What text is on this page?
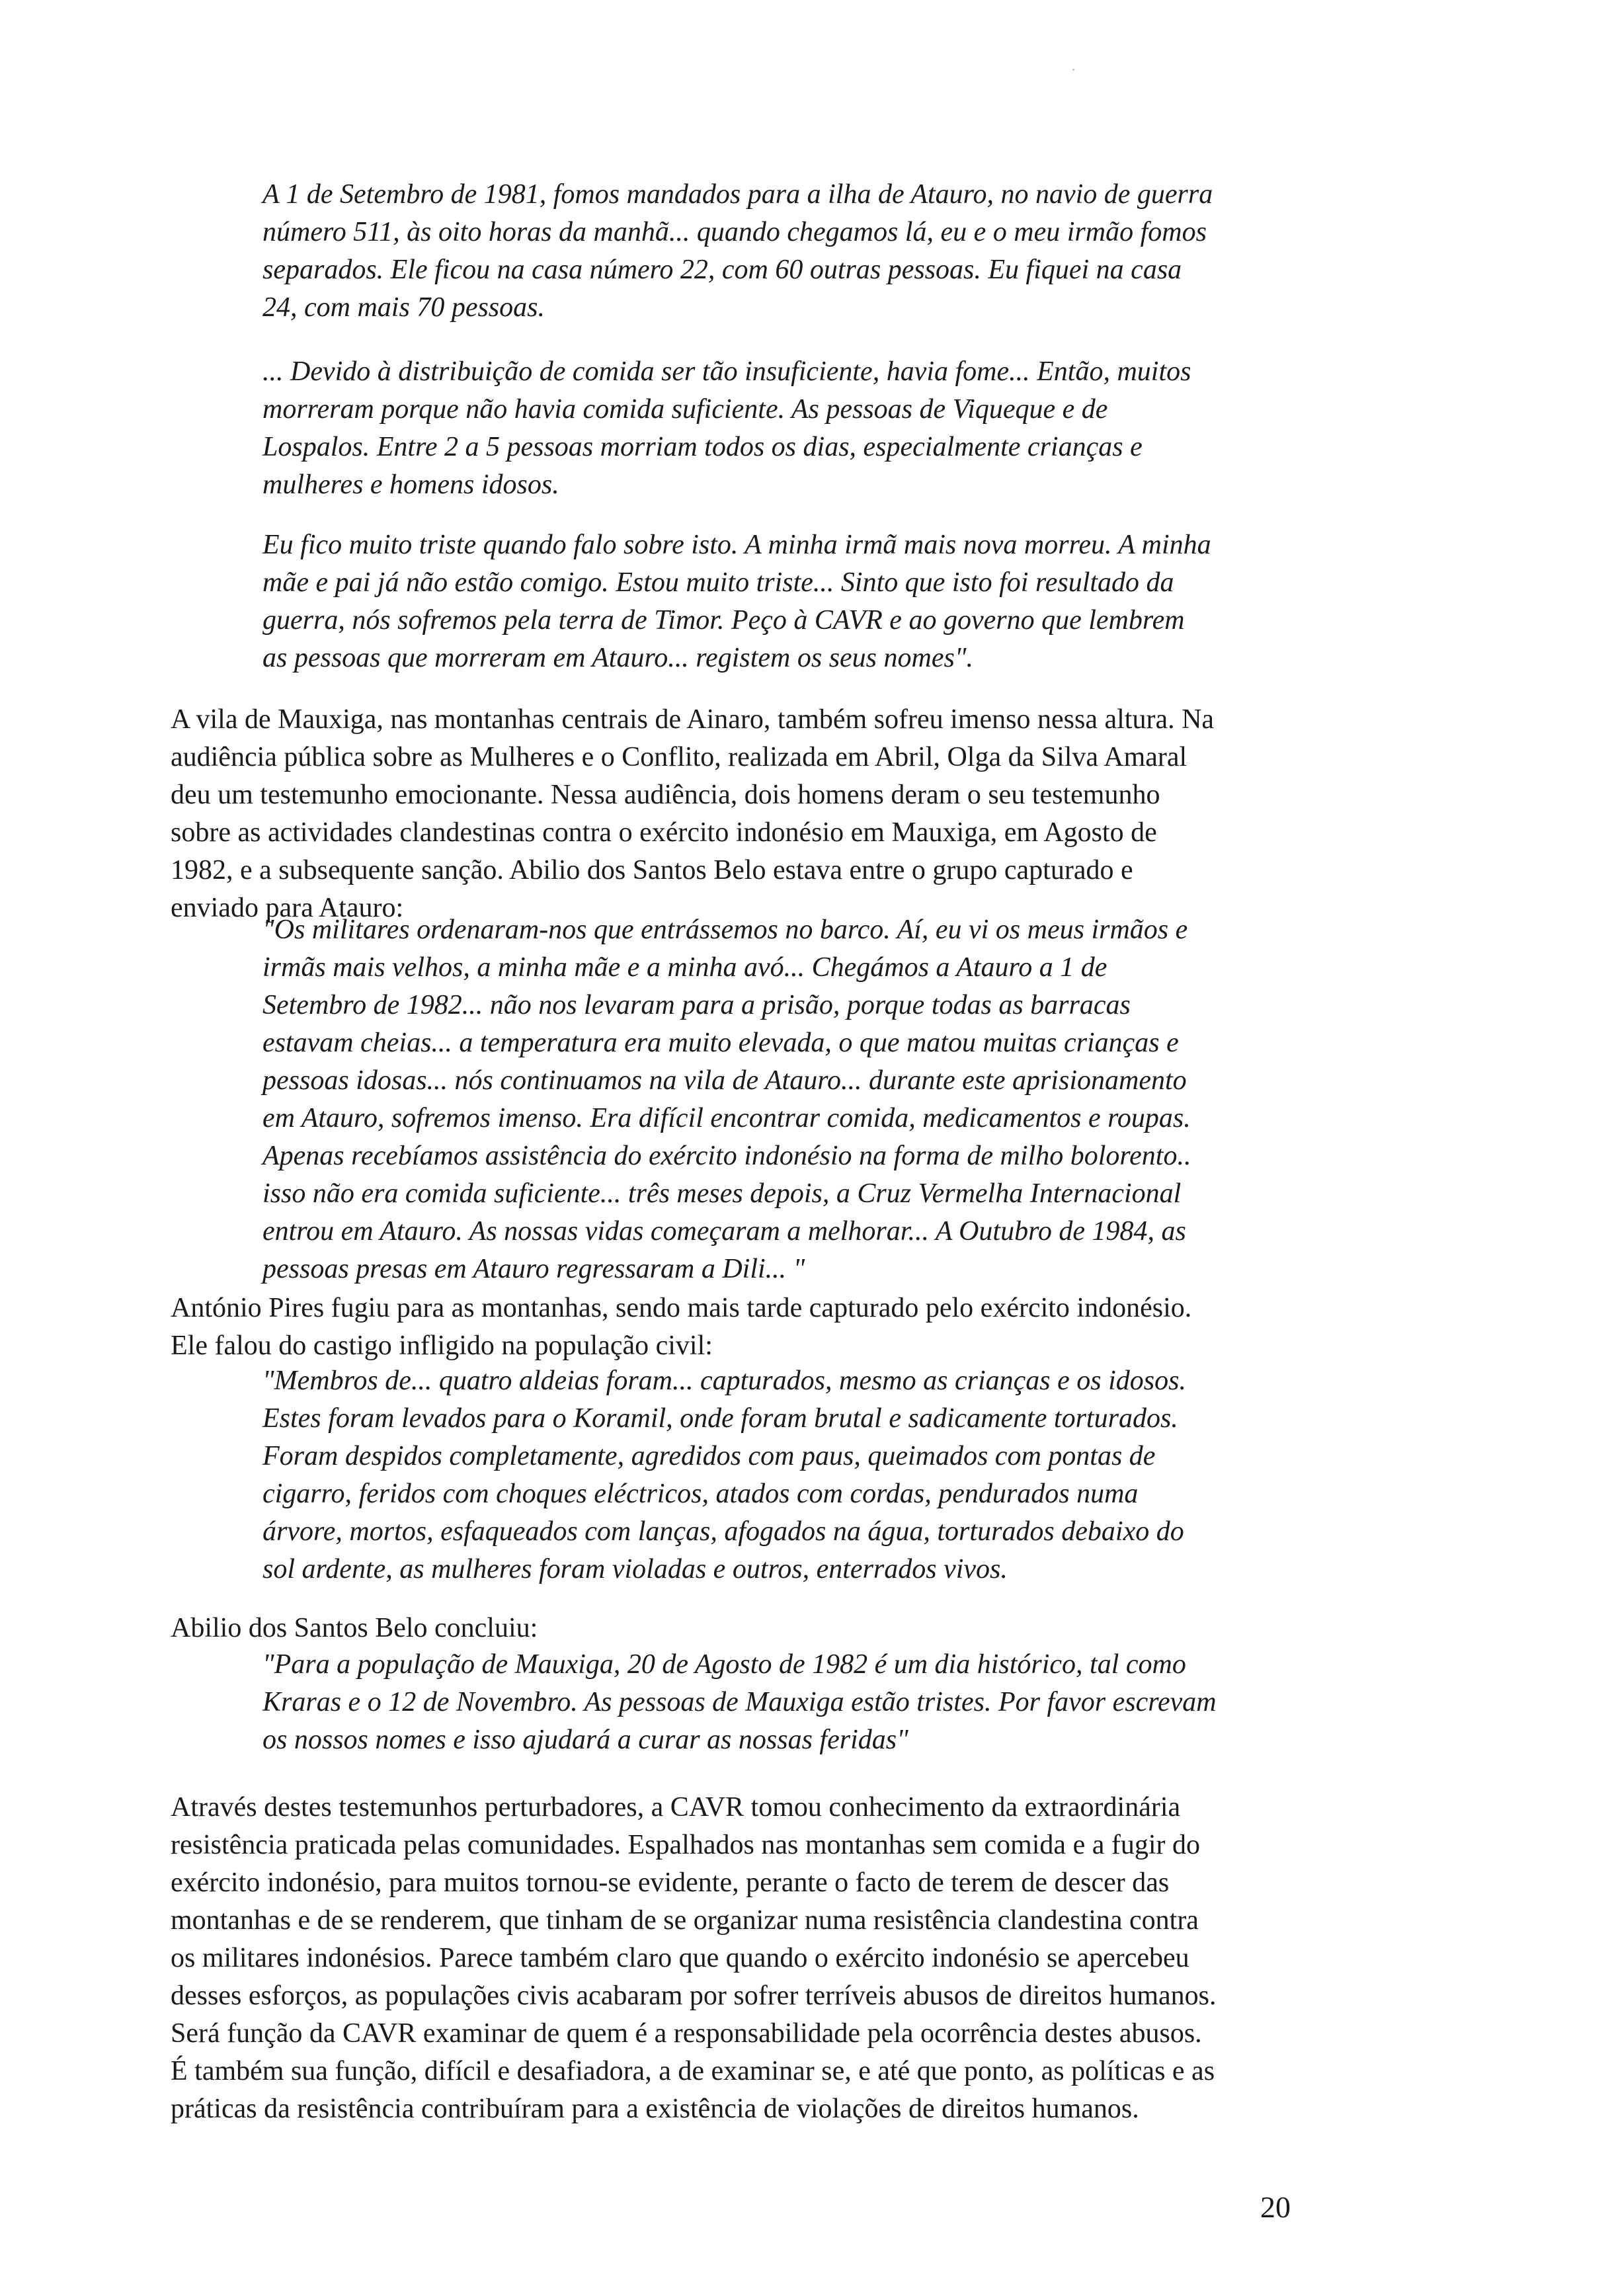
A 1 de Setembro de 1981, fomos mandados para a ilha de Atauro, no navio de guerra
número 511, às oito horas da manhã... quando chegamos lá, eu e o meu irmão fomos
separados. Ele ficou na casa número 22, com 60 outras pessoas. Eu fiquei na casa
24, com mais 70 pessoas.
... Devido à distribuição de comida ser tão insuficiente, havia fome... Então, muitos
morreram porque não havia comida suficiente. As pessoas de Viqueque e de
Lospalos. Entre 2 a 5 pessoas morriam todos os dias, especialmente crianças e
mulheres e homens idosos.
Eu fico muito triste quando falo sobre isto. A minha irmã mais nova morreu. A minha
mãe e pai já não estão comigo. Estou muito triste... Sinto que isto foi resultado da
guerra, nós sofremos pela terra de Timor. Peço à CAVR e ao governo que lembrem
as pessoas que morreram em Atauro... registem os seus nomes".
A vila de Mauxiga, nas montanhas centrais de Ainaro, também sofreu imenso nessa altura. Na
audiência pública sobre as Mulheres e o Conflito, realizada em Abril, Olga da Silva Amaral
deu um testemunho emocionante. Nessa audiência, dois homens deram o seu testemunho
sobre as actividades clandestinas contra o exército indonésio em Mauxiga, em Agosto de
1982, e a subsequente sanção. Abilio dos Santos Belo estava entre o grupo capturado e
enviado para Atauro:
"Os militares ordenaram-nos que entrássemos no barco. Aí, eu vi os meus irmãos e
irmãs mais velhos, a minha mãe e a minha avó... Chegámos a Atauro a 1 de
Setembro de 1982... não nos levaram para a prisão, porque todas as barracas
estavam cheias... a temperatura era muito elevada, o que matou muitas crianças e
pessoas idosas... nós continuamos na vila de Atauro... durante este aprisionamento
em Atauro, sofremos imenso. Era difícil encontrar comida, medicamentos e roupas.
Apenas recebíamos assistência do exército indonésio na forma de milho bolorento..
isso não era comida suficiente... três meses depois, a Cruz Vermelha Internacional
entrou em Atauro. As nossas vidas começaram a melhorar... A Outubro de 1984, as
pessoas presas em Atauro regressaram a Dili... "
António Pires fugiu para as montanhas, sendo mais tarde capturado pelo exército indonésio.
Ele falou do castigo infligido na população civil:
"Membros de... quatro aldeias foram... capturados, mesmo as crianças e os idosos.
Estes foram levados para o Koramil, onde foram brutal e sadicamente torturados.
Foram despidos completamente, agredidos com paus, queimados com pontas de
cigarro, feridos com choques eléctricos, atados com cordas, pendurados numa
árvore, mortos, esfaqueados com lanças, afogados na água, torturados debaixo do
sol ardente, as mulheres foram violadas e outros, enterrados vivos.
Abilio dos Santos Belo concluiu:
"Para a população de Mauxiga, 20 de Agosto de 1982 é um dia histórico, tal como
Kraras e o 12 de Novembro. As pessoas de Mauxiga estão tristes. Por favor escrevam
os nossos nomes e isso ajudará a curar as nossas feridas"
Através destes testemunhos perturbadores, a CAVR tomou conhecimento da extraordinária
resistência praticada pelas comunidades. Espalhados nas montanhas sem comida e a fugir do
exército indonésio, para muitos tornou-se evidente, perante o facto de terem de descer das
montanhas e de se renderem, que tinham de se organizar numa resistência clandestina contra
os militares indonésios. Parece também claro que quando o exército indonésio se apercebeu
desses esforços, as populações civis acabaram por sofrer terríveis abusos de direitos humanos.
Será função da CAVR examinar de quem é a responsabilidade pela ocorrência destes abusos.
É também sua função, difícil e desafiadora, a de examinar se, e até que ponto, as políticas e as
práticas da resistência contribuíram para a existência de violações de direitos humanos.
20
